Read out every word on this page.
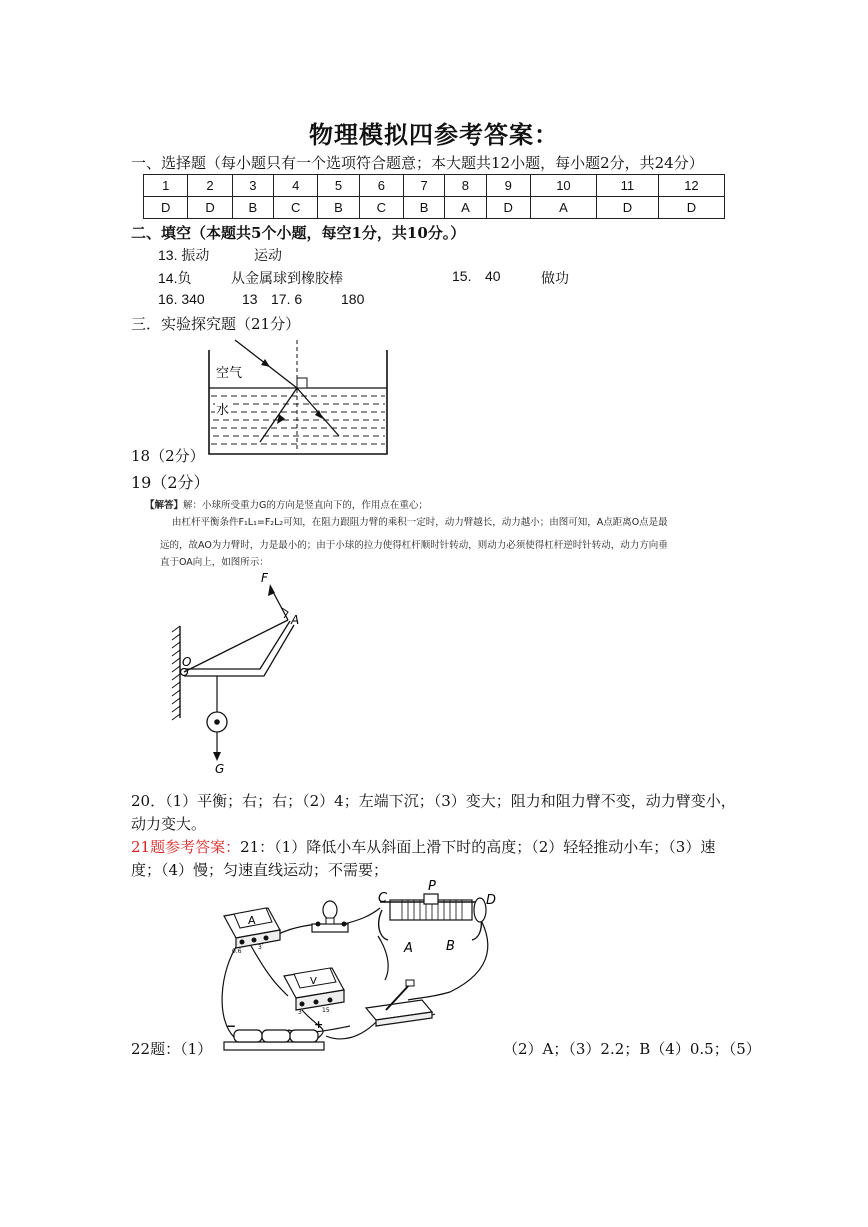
物理模拟四参考答案：
一、选择题（每小题只有一个选项符合题意；本大题共12小题，每小题2分，共24分）
1	2	3	4	5	6	7	8	9	10	11	12
D	D	B	C	B	C	B	A	D	A	D	D
二、填空（本题共5个小题，每空1分，共10分。）
13. 振动	运动
14.负	从金属球到橡胶棒	15. 40	做功
16. 340	13 17. 6	180
三．实验探究题（21分）
空气
水
18（2分）
19（2分）
【解答】解：小球所受重力G的方向是竖直向下的，作用点在重心；
由杠杆平衡条件F₁L₁=F₂L₂可知，在阻力跟阻力臂的乘积一定时，动力臂越长，动力越小；由图可知，A点距离O点是最
远的，故AO为力臂时，力是最小的；由于小球的拉力使得杠杆顺时针转动，则动力必须使得杠杆逆时针转动，动力方向垂
直于OA向上，如图所示：
F
A
O
G
20．（1）平衡；右；右；（2）4；左端下沉；（3）变大；阻力和阻力臂不变，动力臂变小，
动力变大。
21题参考答案：21：（1）降低小车从斜面上滑下时的高度；（2）轻轻推动小车；（3）速
度；（4）慢；匀速直线运动；不需要；
A
0.6
3
C
P
D
A	B
V
3	15
−	+
22题：（1）	（2）A；（3）2.2；B（4）0.5；（5）
